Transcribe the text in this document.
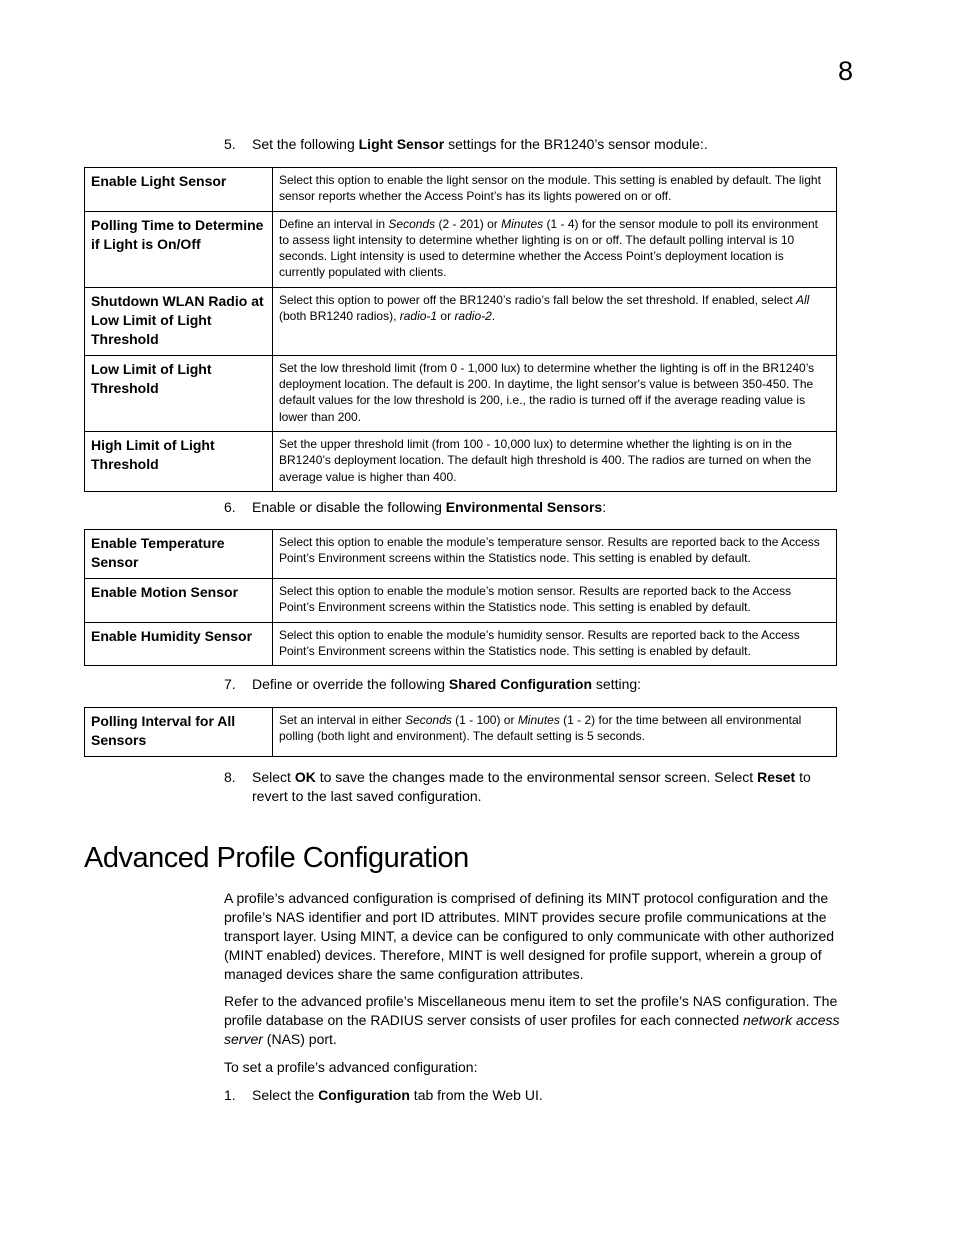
8
5. Set the following Light Sensor settings for the BR1240’s sensor module:.
Enable Light Sensor	Select this option to enable the light sensor on the module. This setting is enabled by default. The light sensor reports whether the Access Point’s has its lights powered on or off.
Polling Time to Determine if Light is On/Off	Define an interval in Seconds (2 - 201) or Minutes (1 - 4) for the sensor module to poll its environment to assess light intensity to determine whether lighting is on or off. The default polling interval is 10 seconds. Light intensity is used to determine whether the Access Point’s deployment location is currently populated with clients.
Shutdown WLAN Radio at Low Limit of Light Threshold	Select this option to power off the BR1240’s radio’s fall below the set threshold. If enabled, select All (both BR1240 radios), radio-1 or radio-2.
Low Limit of Light Threshold	Set the low threshold limit (from 0 - 1,000 lux) to determine whether the lighting is off in the BR1240’s deployment location. The default is 200. In daytime, the light sensor's value is between 350-450. The default values for the low threshold is 200, i.e., the radio is turned off if the average reading value is lower than 200.
High Limit of Light Threshold	Set the upper threshold limit (from 100 - 10,000 lux) to determine whether the lighting is on in the BR1240’s deployment location. The default high threshold is 400. The radios are turned on when the average value is higher than 400.
6. Enable or disable the following Environmental Sensors:
Enable Temperature Sensor	Select this option to enable the module’s temperature sensor. Results are reported back to the Access Point’s Environment screens within the Statistics node. This setting is enabled by default.
Enable Motion Sensor	Select this option to enable the module’s motion sensor. Results are reported back to the Access Point’s Environment screens within the Statistics node. This setting is enabled by default.
Enable Humidity Sensor	Select this option to enable the module’s humidity sensor. Results are reported back to the Access Point’s Environment screens within the Statistics node. This setting is enabled by default.
7. Define or override the following Shared Configuration setting:
Polling Interval for All Sensors	Set an interval in either Seconds (1 - 100) or Minutes (1 - 2) for the time between all environmental polling (both light and environment). The default setting is 5 seconds.
8. Select OK to save the changes made to the environmental sensor screen. Select Reset to revert to the last saved configuration.
Advanced Profile Configuration

A profile’s advanced configuration is comprised of defining its MINT protocol configuration and the profile’s NAS identifier and port ID attributes. MINT provides secure profile communications at the transport layer. Using MINT, a device can be configured to only communicate with other authorized (MINT enabled) devices. Therefore, MINT is well designed for profile support, wherein a group of managed devices share the same configuration attributes.

Refer to the advanced profile’s Miscellaneous menu item to set the profile’s NAS configuration. The profile database on the RADIUS server consists of user profiles for each connected network access server (NAS) port.

To set a profile’s advanced configuration:

1. Select the Configuration tab from the Web UI.
